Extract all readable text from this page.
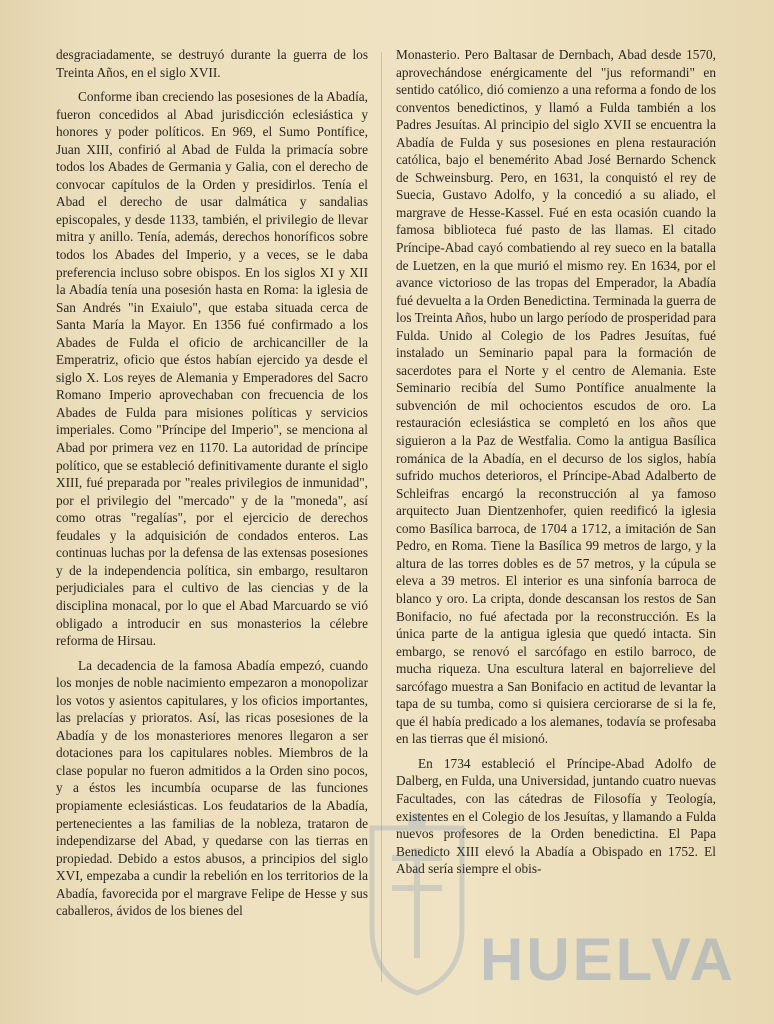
desgraciadamente, se destruyó durante la guerra de los Treinta Años, en el siglo XVII.

Conforme iban creciendo las posesiones de la Abadía, fueron concedidos al Abad jurisdicción eclesiástica y honores y poder políticos. En 969, el Sumo Pontífice, Juan XIII, confirió al Abad de Fulda la primacía sobre todos los Abades de Germania y Galia, con el derecho de convocar capítulos de la Orden y presidirlos. Tenía el Abad el derecho de usar dalmática y sandalias episcopales, y desde 1133, también, el privilegio de llevar mitra y anillo. Tenía, además, derechos honoríficos sobre todos los Abades del Imperio, y a veces, se le daba preferencia incluso sobre obispos. En los siglos XI y XII la Abadía tenía una posesión hasta en Roma: la iglesia de San Andrés "in Exaiulo", que estaba situada cerca de Santa María la Mayor. En 1356 fué confirmado a los Abades de Fulda el oficio de archicanciller de la Emperatriz, oficio que éstos habían ejercido ya desde el siglo X. Los reyes de Alemania y Emperadores del Sacro Romano Imperio aprovechaban con frecuencia de los Abades de Fulda para misiones políticas y servicios imperiales. Como "Príncipe del Imperio", se menciona al Abad por primera vez en 1170. La autoridad de príncipe político, que se estableció definitivamente durante el siglo XIII, fué preparada por "reales privilegios de inmunidad", por el privilegio del "mercado" y de la "moneda", así como otras "regalías", por el ejercicio de derechos feudales y la adquisición de condados enteros. Las continuas luchas por la defensa de las extensas posesiones y de la independencia política, sin embargo, resultaron perjudiciales para el cultivo de las ciencias y de la disciplina monacal, por lo que el Abad Marcuardo se vió obligado a introducir en sus monasterios la célebre reforma de Hirsau.

La decadencia de la famosa Abadía empezó, cuando los monjes de noble nacimiento empezaron a monopolizar los votos y asientos capitulares, y los oficios importantes, las prelacías y prioratos. Así, las ricas posesiones de la Abadía y de los monasteriores menores llegaron a ser dotaciones para los capitulares nobles. Miembros de la clase popular no fueron admitidos a la Orden sino pocos, y a éstos les incumbía ocuparse de las funciones propiamente eclesiásticas. Los feudatarios de la Abadía, pertenecientes a las familias de la nobleza, trataron de independizarse del Abad, y quedarse con las tierras en propiedad. Debido a estos abusos, a principios del siglo XVI, empezaba a cundir la rebelión en los territorios de la Abadía, favorecida por el margrave Felipe de Hesse y sus caballeros, ávidos de los bienes del

Monasterio. Pero Baltasar de Dernbach, Abad desde 1570, aprovechándose enérgicamente del "jus reformandi" en sentido católico, dió comienzo a una reforma a fondo de los conventos benedictinos, y llamó a Fulda también a los Padres Jesuítas. Al principio del siglo XVII se encuentra la Abadía de Fulda y sus posesiones en plena restauración católica, bajo el benemérito Abad José Bernardo Schenck de Schweinsburg. Pero, en 1631, la conquistó el rey de Suecia, Gustavo Adolfo, y la concedió a su aliado, el margrave de Hesse-Kassel. Fué en esta ocasión cuando la famosa biblioteca fué pasto de las llamas. El citado Príncipe-Abad cayó combatiendo al rey sueco en la batalla de Luetzen, en la que murió el mismo rey. En 1634, por el avance victorioso de las tropas del Emperador, la Abadía fué devuelta a la Orden Benedictina. Terminada la guerra de los Treinta Años, hubo un largo período de prosperidad para Fulda. Unido al Colegio de los Padres Jesuítas, fué instalado un Seminario papal para la formación de sacerdotes para el Norte y el centro de Alemania. Este Seminario recibía del Sumo Pontífice anualmente la subvención de mil ochocientos escudos de oro. La restauración eclesiástica se completó en los años que siguieron a la Paz de Westfalia. Como la antigua Basílica románica de la Abadía, en el decurso de los siglos, había sufrido muchos deterioros, el Príncipe-Abad Adalberto de Schleifras encargó la reconstrucción al ya famoso arquitecto Juan Dientzenhofer, quien reedificó la iglesia como Basílica barroca, de 1704 a 1712, a imitación de San Pedro, en Roma. Tiene la Basílica 99 metros de largo, y la altura de las torres dobles es de 57 metros, y la cúpula se eleva a 39 metros. El interior es una sinfonía barroca de blanco y oro. La cripta, donde descansan los restos de San Bonifacio, no fué afectada por la reconstrucción. Es la única parte de la antigua iglesia que quedó intacta. Sin embargo, se renovó el sarcófago en estilo barroco, de mucha riqueza. Una escultura lateral en bajorrelieve del sarcófago muestra a San Bonifacio en actitud de levantar la tapa de su tumba, como si quisiera cerciorarse de si la fe, que él había predicado a los alemanes, todavía se profesaba en las tierras que él misionó.

En 1734 estableció el Príncipe-Abad Adolfo de Dalberg, en Fulda, una Universidad, juntando cuatro nuevas Facultades, con las cátedras de Filosofía y Teología, existentes en el Colegio de los Jesuítas, y llamando a Fulda nuevos profesores de la Orden benedictina. El Papa Benedicto XIII elevó la Abadía a Obispado en 1752. El Abad sería siempre el obis-

HUELVA
